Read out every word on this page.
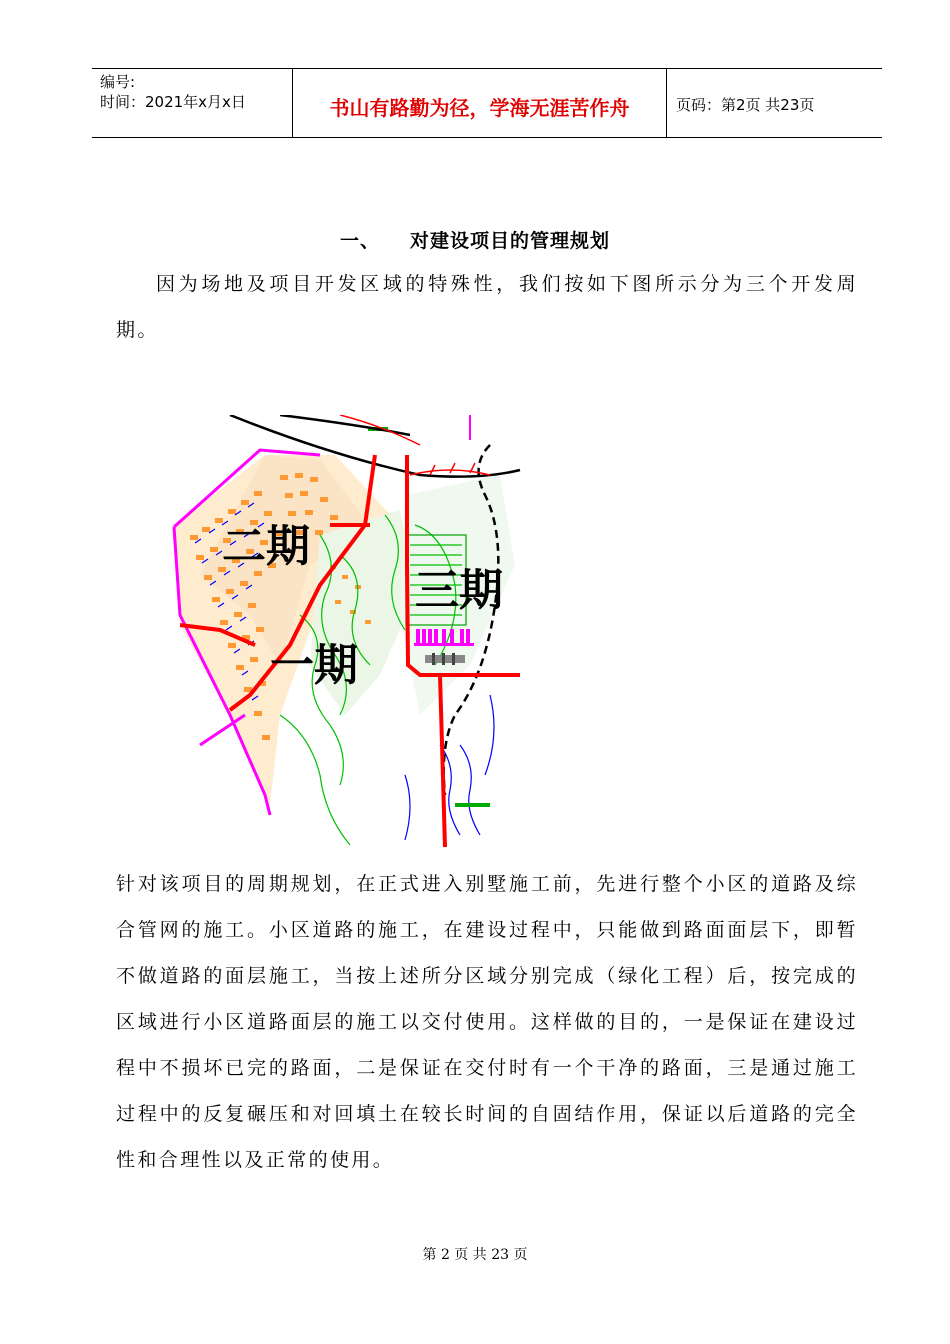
编号:
时间：2021年x月x日	书山有路勤为径，学海无涯苦作舟	页码：第2页 共23页
一、 对建设项目的管理规划
因为场地及项目开发区域的特殊性，我们按如下图所示分为三个开发周期。
二期
三期
一期
针对该项目的周期规划，在正式进入别墅施工前，先进行整个小区的道路及综合管网的施工。小区道路的施工，在建设过程中，只能做到路面面层下，即暂不做道路的面层施工，当按上述所分区域分别完成（绿化工程）后，按完成的区域进行小区道路面层的施工以交付使用。这样做的目的，一是保证在建设过程中不损坏已完的路面，二是保证在交付时有一个干净的路面，三是通过施工过程中的反复碾压和对回填土在较长时间的自固结作用，保证以后道路的完全性和合理性以及正常的使用。
第 2 页 共 23 页
